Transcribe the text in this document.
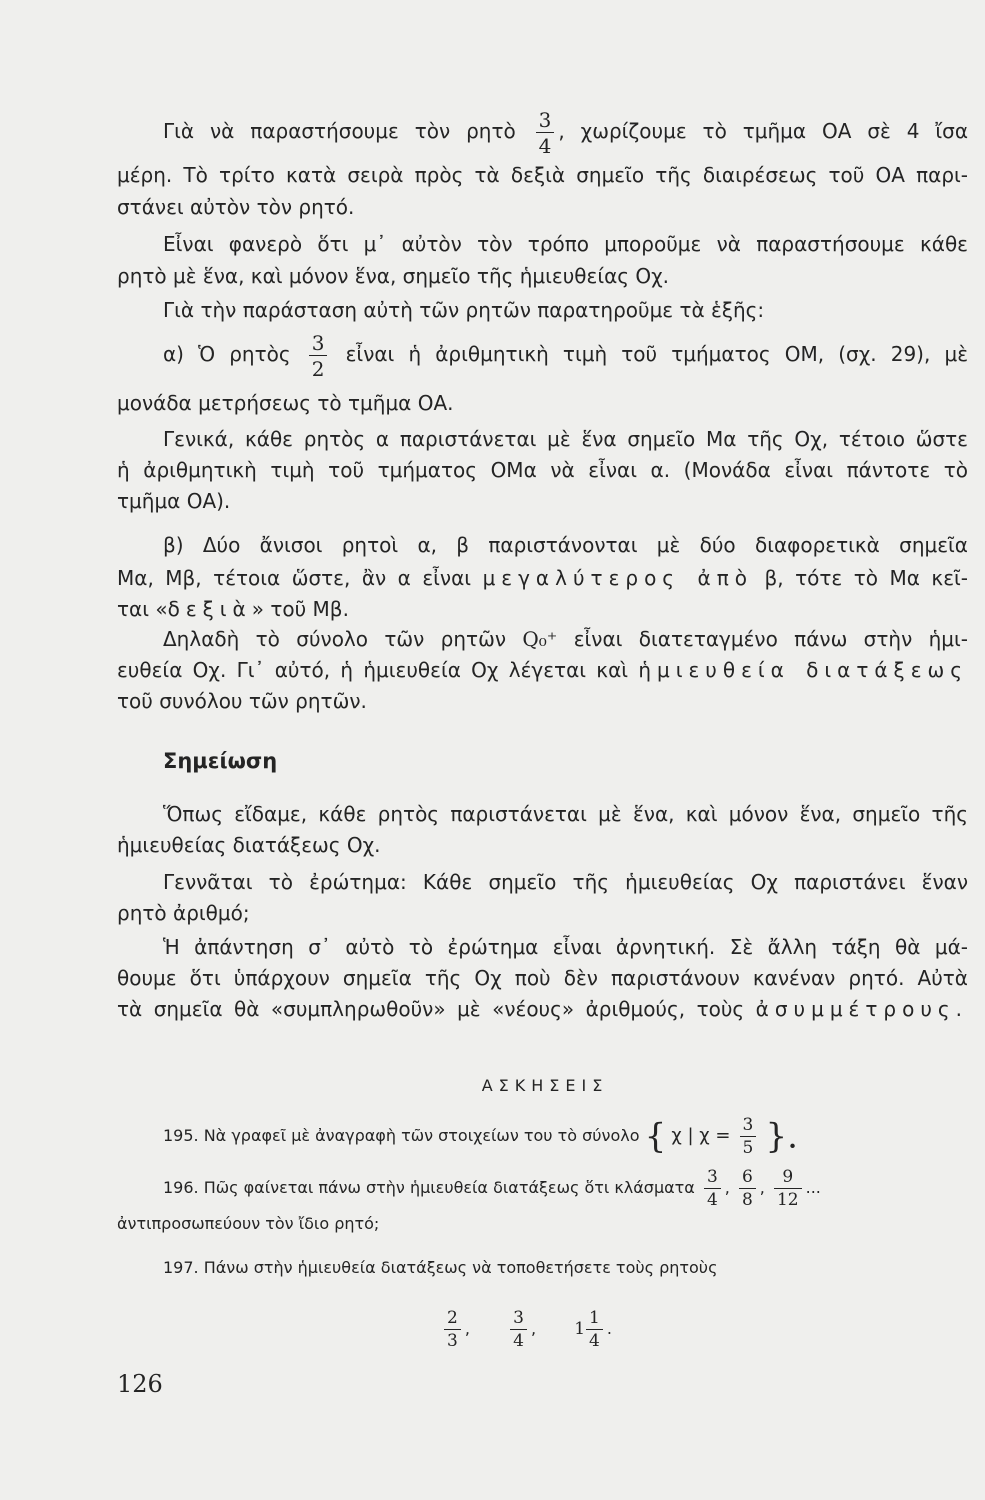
Γιὰ νὰ παραστήσουμε τὸν ρητὸ $\frac{3}{4}$ , χωρίζουμε τὸ τμῆμα ΟΑ σὲ 4 ἴσα
μέρη. Τὸ τρίτο κατὰ σειρὰ πρὸς τὰ δεξιὰ σημεῖο τῆς διαιρέσεως τοῦ ΟΑ παρι-
στάνει αὐτὸν τὸν ρητό.
Εἶναι φανερὸ ὅτι μ᾽ αὐτὸν τὸν τρόπο μποροῦμε νὰ παραστήσουμε κάθε
ρητὸ μὲ ἕνα, καὶ μόνον ἕνα, σημεῖο τῆς ἡμιευθείας Οχ.
Γιὰ τὴν παράσταση αὐτὴ τῶν ρητῶν παρατηροῦμε τὰ ἑξῆς:
α) Ὁ ρητὸς $\frac{3}{2}$ εἶναι ἡ ἀριθμητικὴ τιμὴ τοῦ τμήματος ΟΜ, (σχ. 29), μὲ
μονάδα μετρήσεως τὸ τμῆμα ΟΑ.
Γενικά, κάθε ρητὸς α παριστάνεται μὲ ἕνα σημεῖο Μα τῆς Οχ, τέτοιο ὥστε
ἡ ἀριθμητικὴ τιμὴ τοῦ τμήματος ΟΜα νὰ εἶναι α. (Μονάδα εἶναι πάντοτε τὸ
τμῆμα ΟΑ).
β) Δύο ἄνισοι ρητοὶ α, β παριστάνονται μὲ δύο διαφορετικὰ σημεῖα
Μα, Μβ, τέτοια ὥστε, ἂν α εἶναι μεγαλύτερος ἀπὸ β, τότε τὸ Μα κεῖ-
ται «δεξιὰ» τοῦ Μβ.
Δηλαδὴ τὸ σύνολο τῶν ρητῶν Q₀⁺ εἶναι διατεταγμένο πάνω στὴν ἡμι-
ευθεία Οχ. Γι᾽ αὐτό, ἡ ἡμιευθεία Οχ λέγεται καὶ ἡμιευθεία διατάξεως
τοῦ συνόλου τῶν ρητῶν.
Σημείωση
Ὅπως εἴδαμε, κάθε ρητὸς παριστάνεται μὲ ἕνα, καὶ μόνον ἕνα, σημεῖο τῆς
ἡμιευθείας διατάξεως Οχ.
Γεννᾶται τὸ ἐρώτημα: Κάθε σημεῖο τῆς ἡμιευθείας Οχ παριστάνει ἕναν
ρητὸ ἀριθμό;
Ἡ ἀπάντηση σ᾽ αὐτὸ τὸ ἐρώτημα εἶναι ἀρνητική. Σὲ ἄλλη τάξη θὰ μά-
θουμε ὅτι ὑπάρχουν σημεῖα τῆς Οχ ποὺ δὲν παριστάνουν κανέναν ρητό. Αὐτὰ
τὰ σημεῖα θὰ «συμπληρωθοῦν» μὲ «νέους» ἀριθμούς, τοὺς ἀσυμμέτρους.
ΑΣΚΗΣΕΙΣ
195. Νὰ γραφεῖ μὲ ἀναγραφὴ τῶν στοιχείων του τὸ σύνολο { χ | $\chi = \frac{3}{5}$ }.
196. Πῶς φαίνεται πάνω στὴν ἡμιευθεία διατάξεως ὅτι κλάσματα $\frac{3}{4}$ , $\frac{6}{8}$ , $\frac{9}{12}$ ...
ἀντιπροσωπεύουν τὸν ἴδιο ρητό;
197. Πάνω στὴν ἡμιευθεία διατάξεως νὰ τοποθετήσετε τοὺς ρητοὺς
$\frac{2}{3}$ , $\frac{3}{4}$ , $1 \frac{1}{4}$ .
126
